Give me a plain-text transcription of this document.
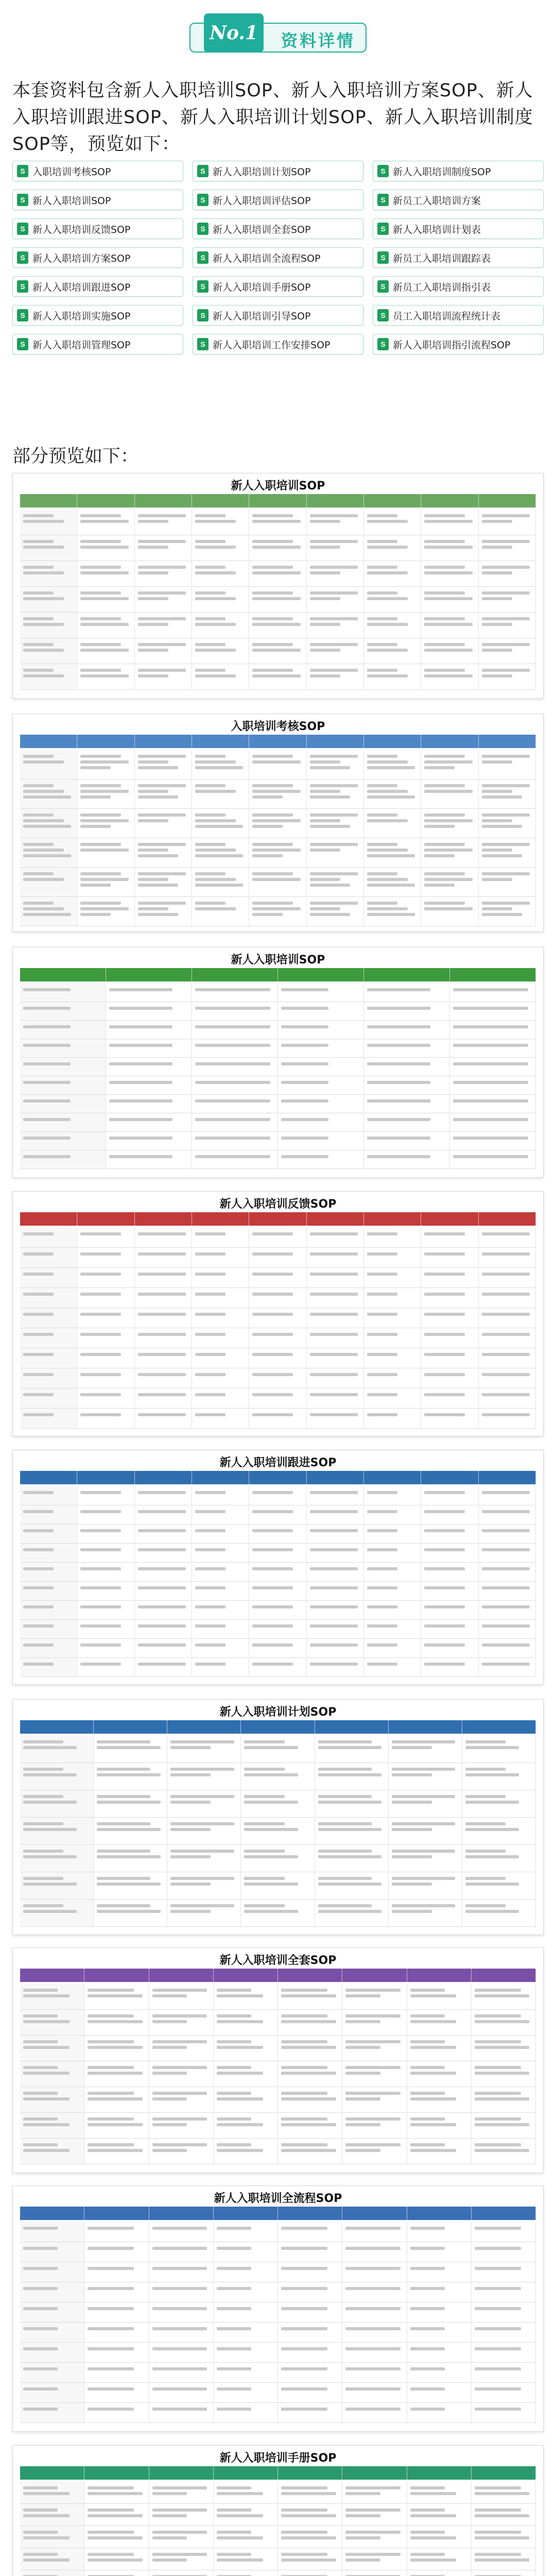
No.1	资料详情
本套资料包含新人入职培训SOP、新人入职培训方案SOP、新人入职培训跟进SOP、新人入职培训计划SOP、新人入职培训制度SOP等，预览如下：
S 入职培训考核SOP	S 新人入职培训计划SOP	S 新人入职培训制度SOP
S 新人入职培训SOP	S 新人入职培训评估SOP	S 新员工入职培训方案
S 新人入职培训反馈SOP	S 新人入职培训全套SOP	S 新人入职培训计划表
S 新人入职培训方案SOP	S 新人入职培训全流程SOP	S 新员工入职培训跟踪表
S 新人入职培训跟进SOP	S 新人入职培训手册SOP	S 新员工入职培训指引表
S 新人入职培训实施SOP	S 新人入职培训引导SOP	S 员工入职培训流程统计表
S 新人入职培训管理SOP	S 新人入职培训工作安排SOP	S 新人入职培训指引流程SOP
部分预览如下：
新人入职培训SOP
入职培训考核SOP
新人入职培训SOP
新人入职培训反馈SOP
新人入职培训跟进SOP
新人入职培训计划SOP
新人入职培训全套SOP
新人入职培训全流程SOP
新人入职培训手册SOP
